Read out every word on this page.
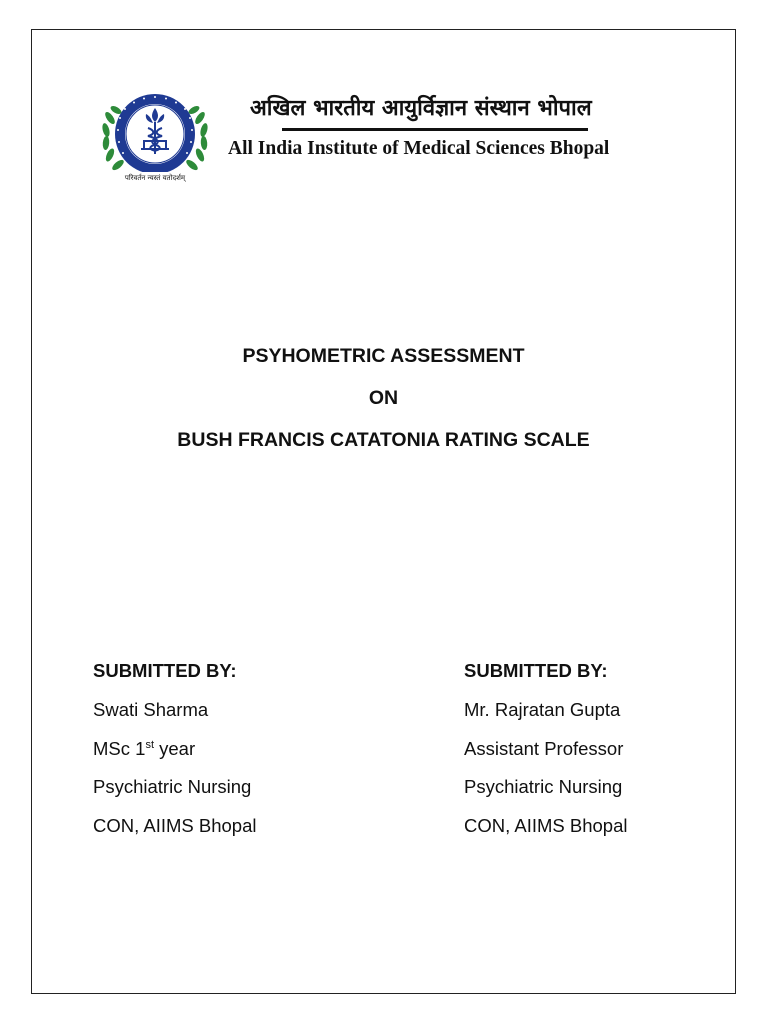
परिवर्तन न्यस्तं यतोदर्शम्
अखिल भारतीय आयुर्विज्ञान संस्थान भोपाल
All India Institute of Medical Sciences Bhopal
PSYHOMETRIC ASSESSMENT
ON
BUSH FRANCIS CATATONIA RATING SCALE
SUBMITTED BY:
Swati Sharma
MSc 1st year
Psychiatric Nursing
CON, AIIMS Bhopal
SUBMITTED BY:
Mr. Rajratan Gupta
Assistant Professor
Psychiatric Nursing
CON, AIIMS Bhopal
